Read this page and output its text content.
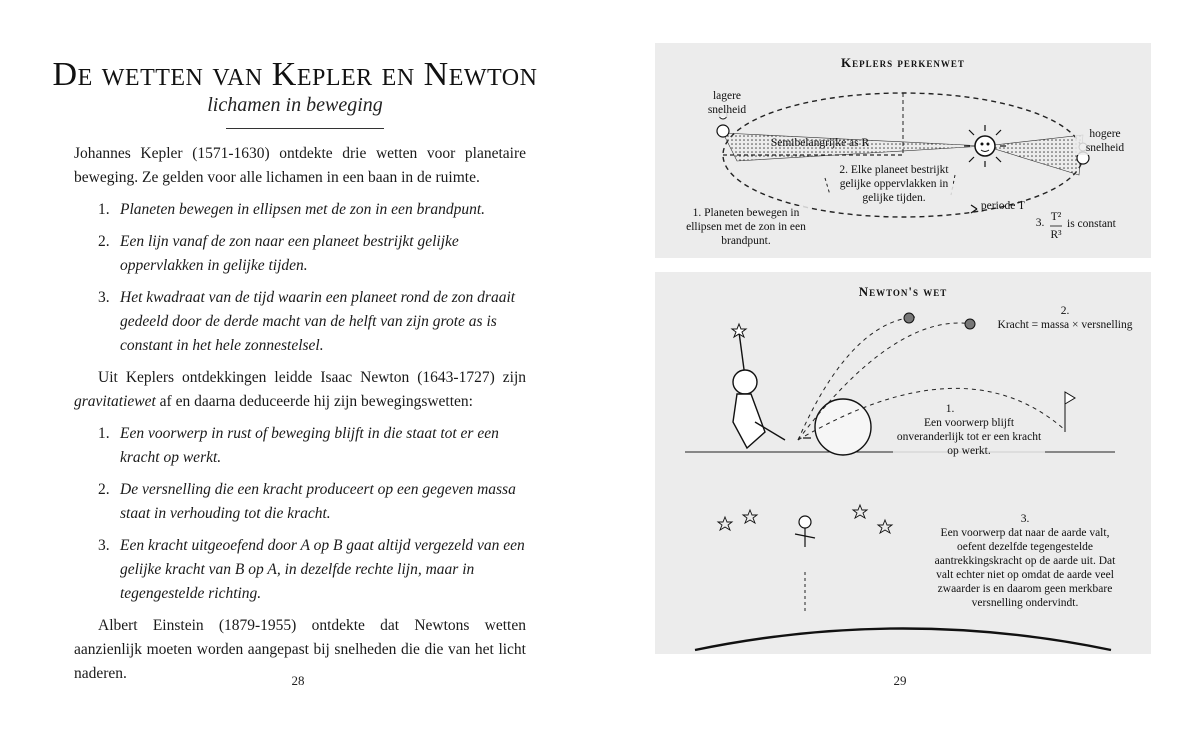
De wetten van Kepler en Newton
lichamen in beweging

Johannes Kepler (1571-1630) ontdekte drie wetten voor planetaire beweging. Ze gelden voor alle lichamen in een baan in de ruimte.

1. Planeten bewegen in ellipsen met de zon in een brandpunt.
2. Een lijn vanaf de zon naar een planeet bestrijkt gelijke oppervlakken in gelijke tijden.
3. Het kwadraat van de tijd waarin een planeet rond de zon draait gedeeld door de derde macht van de helft van zijn grote as is constant in het hele zonnestelsel.

Uit Keplers ontdekkingen leidde Isaac Newton (1643-1727) zijn gravitatiewet af en daarna deduceerde hij zijn bewegingswetten:

1. Een voorwerp in rust of beweging blijft in die staat tot er een kracht op werkt.
2. De versnelling die een kracht produceert op een gegeven massa staat in verhouding tot die kracht.
3. Een kracht uitgeoefend door A op B gaat altijd vergezeld van een gelijke kracht van B op A, in dezelfde rechte lijn, maar in tegengestelde richting.

Albert Einstein (1879-1955) ontdekte dat Newtons wetten aanzienlijk moeten worden aangepast bij snelheden die die van het licht naderen.	28
Keplers perkenwet
lagere snelheid
hogere snelheid
Semibelangrijke as R
2. Elke planeet bestrijkt gelijke oppervlakken in gelijke tijden.
1. Planeten bewegen in ellipsen met de zon in een brandpunt.
periode T
3. T²
R³
is constant
Newton's wet
2.
Kracht = massa × versnelling
1.
Een voorwerp blijft onveranderlijk tot er een kracht op werkt.
3.
Een voorwerp dat naar de aarde valt, oefent dezelfde tegengestelde aantrekkingskracht op de aarde uit. Dat valt echter niet op omdat de aarde veel zwaarder is en daarom geen merkbare versnelling ondervindt.
29
